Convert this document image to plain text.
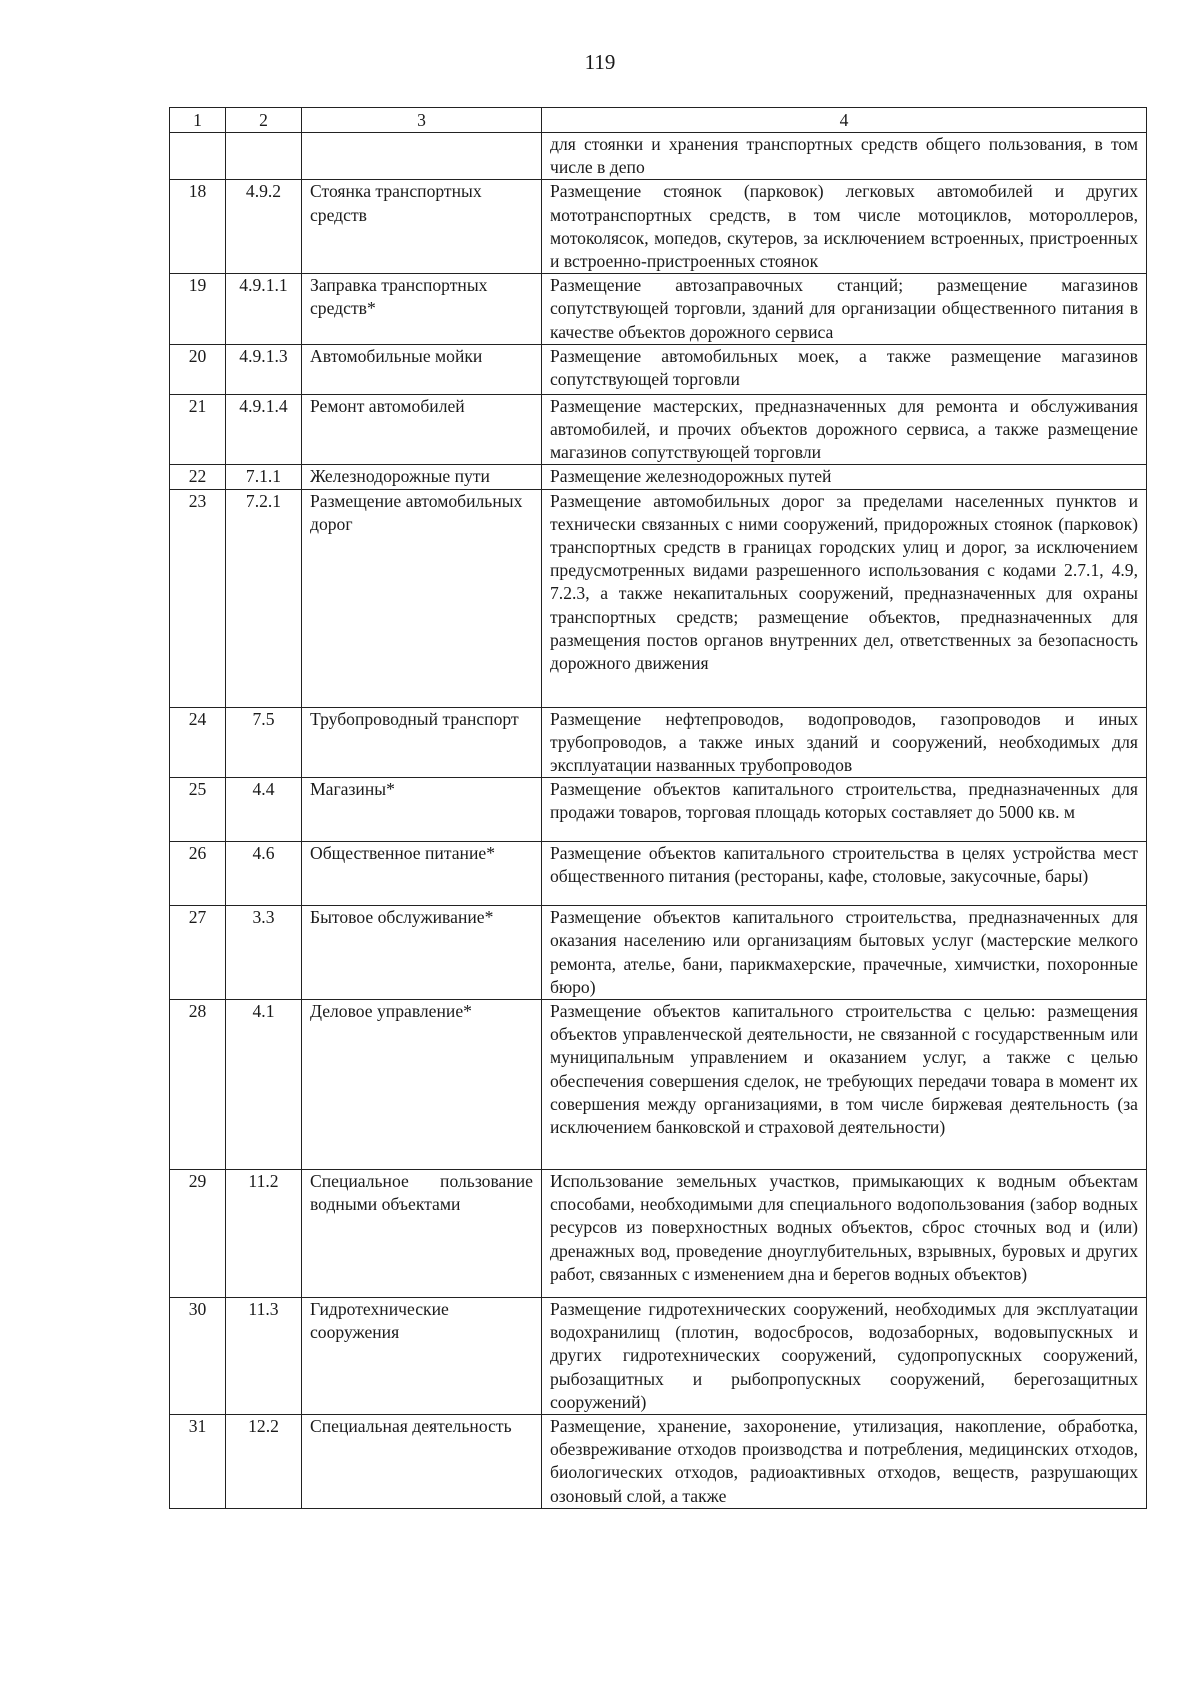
119
1	2	3	4
			для стоянки и хранения транспортных средств общего пользования, в том числе в депо
18	4.9.2	Стоянка транспортных средств	Размещение стоянок (парковок) легковых автомобилей и других мототранспортных средств, в том числе мотоциклов, мотороллеров, мотоколясок, мопедов, скутеров, за исключением встроенных, пристроенных и встроенно-пристроенных стоянок
19	4.9.1.1	Заправка транспортных средств*	Размещение автозаправочных станций; размещение магазинов сопутствующей торговли, зданий для организации общественного питания в качестве объектов дорожного сервиса
20	4.9.1.3	Автомобильные мойки	Размещение автомобильных моек, а также размещение магазинов сопутствующей торговли
21	4.9.1.4	Ремонт автомобилей	Размещение мастерских, предназначенных для ремонта и обслуживания автомобилей, и прочих объектов дорожного сервиса, а также размещение магазинов сопутствующей торговли
22	7.1.1	Железнодорожные пути	Размещение железнодорожных путей
23	7.2.1	Размещение автомобильных дорог	Размещение автомобильных дорог за пределами населенных пунктов и технически связанных с ними сооружений, придорожных стоянок (парковок) транспортных средств в границах городских улиц и дорог, за исключением предусмотренных видами разрешенного использования с кодами 2.7.1, 4.9, 7.2.3, а также некапитальных сооружений, предназначенных для охраны транспортных средств; размещение объектов, предназначенных для размещения постов органов внутренних дел, ответственных за безопасность дорожного движения
24	7.5	Трубопроводный транспорт	Размещение нефтепроводов, водопроводов, газопроводов и иных трубопроводов, а также иных зданий и сооружений, необходимых для эксплуатации названных трубопроводов
25	4.4	Магазины*	Размещение объектов капитального строительства, предназначенных для продажи товаров, торговая площадь которых составляет до 5000 кв. м
26	4.6	Общественное питание*	Размещение объектов капитального строительства в целях устройства мест общественного питания (рестораны, кафе, столовые, закусочные, бары)
27	3.3	Бытовое обслуживание*	Размещение объектов капитального строительства, предназначенных для оказания населению или организациям бытовых услуг (мастерские мелкого ремонта, ателье, бани, парикмахерские, прачечные, химчистки, похоронные бюро)
28	4.1	Деловое управление*	Размещение объектов капитального строительства с целью: размещения объектов управленческой деятельности, не связанной с государственным или муниципальным управлением и оказанием услуг, а также с целью обеспечения совершения сделок, не требующих передачи товара в момент их совершения между организациями, в том числе биржевая деятельность (за исключением банковской и страховой деятельности)
29	11.2	Специальное пользование водными объектами	Использование земельных участков, примыкающих к водным объектам способами, необходимыми для специального водопользования (забор водных ресурсов из поверхностных водных объектов, сброс сточных вод и (или) дренажных вод, проведение дноуглубительных, взрывных, буровых и других работ, связанных с изменением дна и берегов водных объектов)
30	11.3	Гидротехнические сооружения	Размещение гидротехнических сооружений, необходимых для эксплуатации водохранилищ (плотин, водосбросов, водозаборных, водовыпускных и других гидротехнических сооружений, судопропускных сооружений, рыбозащитных и рыбопропускных сооружений, берегозащитных сооружений)
31	12.2	Специальная деятельность	Размещение, хранение, захоронение, утилизация, накопление, обработка, обезвреживание отходов производства и потребления, медицинских отходов, биологических отходов, радиоактивных отходов, веществ, разрушающих озоновый слой, а также
